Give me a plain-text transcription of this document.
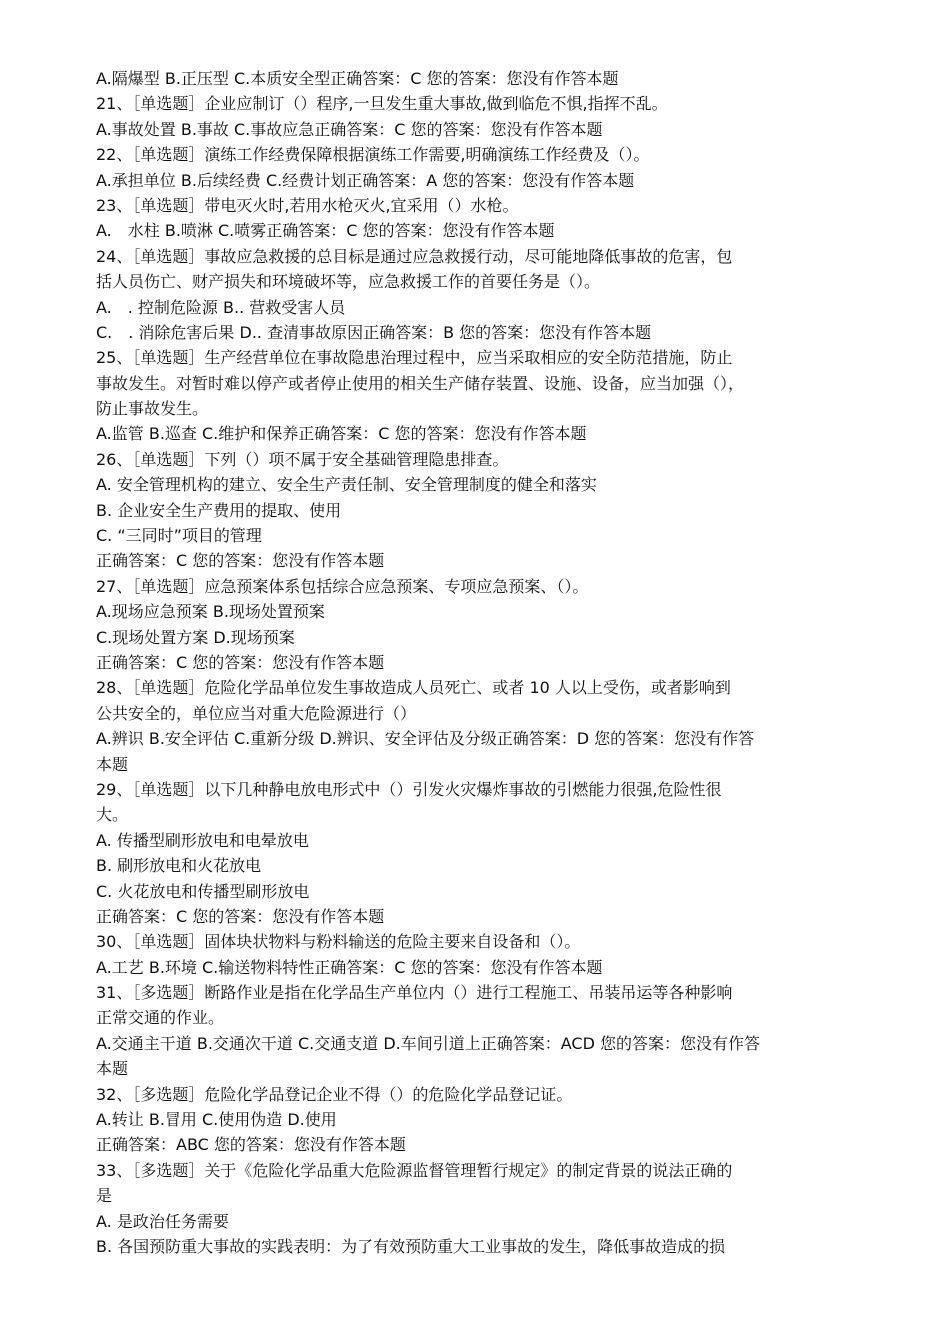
A.隔爆型 B.正压型 C.本质安全型正确答案：C 您的答案：您没有作答本题
21、［单选题］企业应制订（）程序,一旦发生重大事故,做到临危不惧,指挥不乱。
A.事故处置 B.事故 C.事故应急正确答案：C 您的答案：您没有作答本题
22、［单选题］演练工作经费保障根据演练工作需要,明确演练工作经费及（）。
A.承担单位 B.后续经费 C.经费计划正确答案：A 您的答案：您没有作答本题
23、［单选题］带电灭火时,若用水枪灭火,宜采用（）水枪。
A.　水柱 B.喷淋 C.喷雾正确答案：C 您的答案：您没有作答本题
24、［单选题］事故应急救援的总目标是通过应急救援行动，尽可能地降低事故的危害，包
括人员伤亡、财产损失和环境破坏等，应急救援工作的首要任务是（）。
A.　. 控制危险源 B.. 营救受害人员
C.　. 消除危害后果 D.. 查清事故原因正确答案：B 您的答案：您没有作答本题
25、［单选题］生产经营单位在事故隐患治理过程中，应当采取相应的安全防范措施，防止
事故发生。对暂时难以停产或者停止使用的相关生产储存装置、设施、设备，应当加强（），
防止事故发生。
A.监管 B.巡查 C.维护和保养正确答案：C 您的答案：您没有作答本题
26、［单选题］下列（）项不属于安全基础管理隐患排查。
A. 安全管理机构的建立、安全生产责任制、安全管理制度的健全和落实
B. 企业安全生产费用的提取、使用
C. “三同时”项目的管理
正确答案：C 您的答案：您没有作答本题
27、［单选题］应急预案体系包括综合应急预案、专项应急预案、（）。
A.现场应急预案 B.现场处置预案
C.现场处置方案 D.现场预案
正确答案：C 您的答案：您没有作答本题
28、［单选题］危险化学品单位发生事故造成人员死亡、或者 10 人以上受伤，或者影响到
公共安全的，单位应当对重大危险源进行（）
A.辨识 B.安全评估 C.重新分级 D.辨识、安全评估及分级正确答案：D 您的答案：您没有作答
本题
29、［单选题］以下几种静电放电形式中（）引发火灾爆炸事故的引燃能力很强,危险性很
大。
A. 传播型刷形放电和电晕放电
B. 刷形放电和火花放电
C. 火花放电和传播型刷形放电
正确答案：C 您的答案：您没有作答本题
30、［单选题］固体块状物料与粉料输送的危险主要来自设备和（）。
A.工艺 B.环境 C.输送物料特性正确答案：C 您的答案：您没有作答本题
31、［多选题］断路作业是指在化学品生产单位内（）进行工程施工、吊装吊运等各种影响
正常交通的作业。
A.交通主干道 B.交通次干道 C.交通支道 D.车间引道上正确答案：ACD 您的答案：您没有作答
本题
32、［多选题］危险化学品登记企业不得（）的危险化学品登记证。
A.转让 B.冒用 C.使用伪造 D.使用
正确答案：ABC 您的答案：您没有作答本题
33、［多选题］关于《危险化学品重大危险源监督管理暂行规定》的制定背景的说法正确的
是
A. 是政治任务需要
B. 各国预防重大事故的实践表明：为了有效预防重大工业事故的发生，降低事故造成的损
